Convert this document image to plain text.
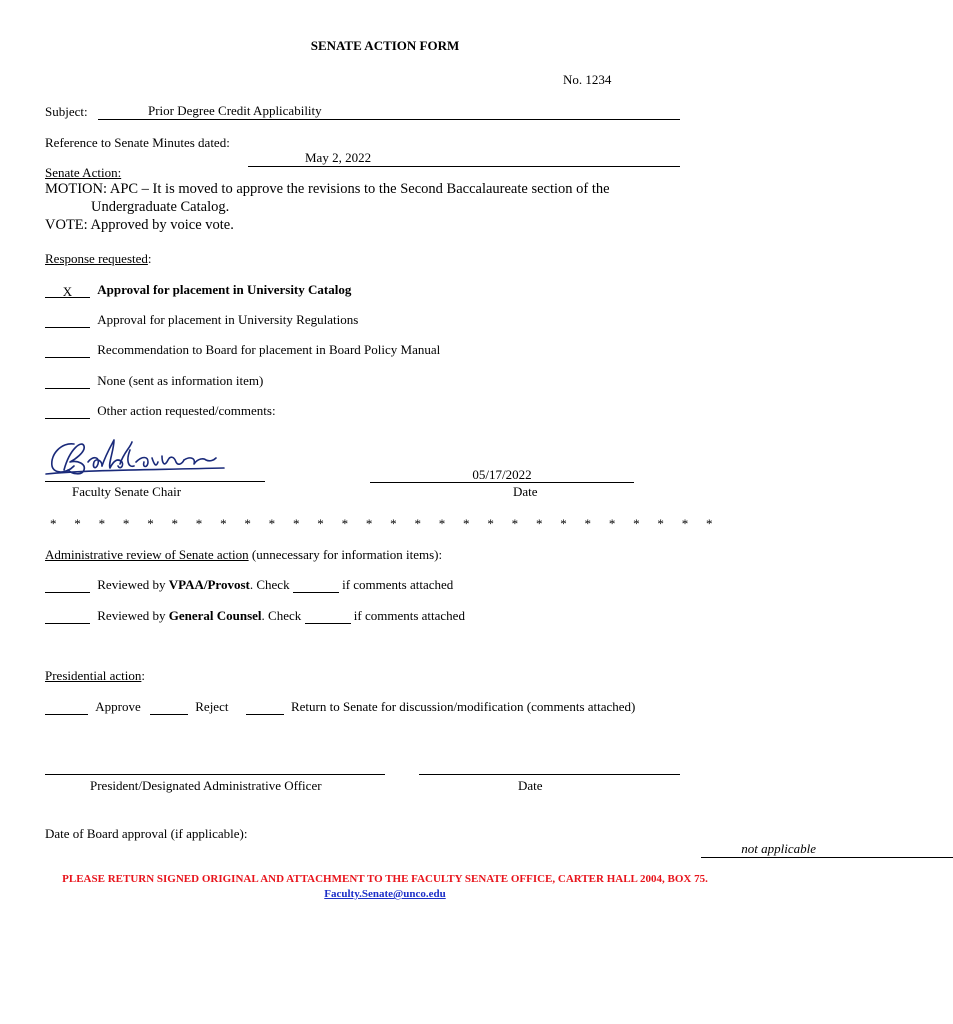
SENATE ACTION FORM
No. 1234
Subject:	Prior Degree Credit Applicability

Reference to Senate Minutes dated:
May 2, 2022

Senate Action:
MOTION: APC – It is moved to approve the revisions to the Second Baccalaureate section of the
Undergraduate Catalog.
VOTE: Approved by voice vote.
Response requested:
X Approval for placement in University Catalog
Approval for placement in University Regulations
Recommendation to Board for placement in Board Policy Manual
None (sent as information item)
Other action requested/comments:
Faculty Senate Chair
05/17/2022
Date
* * * * * * * * * * * * * * * * * * * * * * * * * * * *
Administrative review of Senate action (unnecessary for information items):
Reviewed by VPAA/Provost. Check	if comments attached
Reviewed by General Counsel. Check	if comments attached
Presidential action:
Approve	Reject	Return to Senate for discussion/modification (comments attached)
President/Designated Administrative Officer	Date
Date of Board approval (if applicable):
not applicable
PLEASE RETURN SIGNED ORIGINAL AND ATTACHMENT TO THE FACULTY SENATE OFFICE, CARTER HALL 2004, BOX 75.
Faculty.Senate@unco.edu
